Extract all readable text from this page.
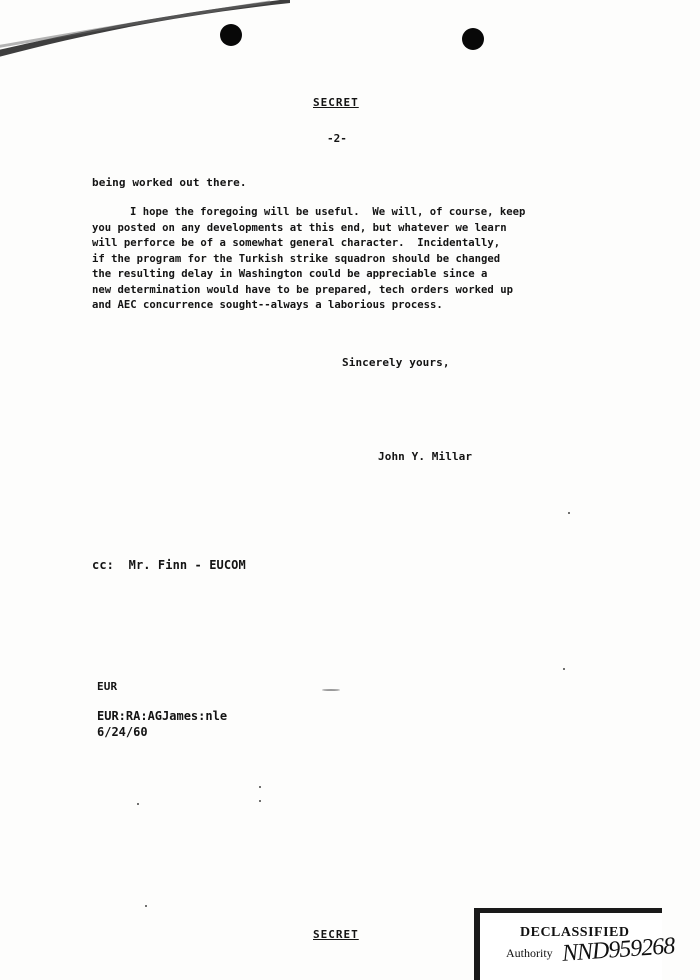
SECRET
-2-
being worked out there.
I hope the foregoing will be useful.  We will, of course, keep
you posted on any developments at this end, but whatever we learn
will perforce be of a somewhat general character.  Incidentally,
if the program for the Turkish strike squadron should be changed
the resulting delay in Washington could be appreciable since a
new determination would have to be prepared, tech orders worked up
and AEC concurrence sought--always a laborious process.
Sincerely yours,
John Y. Millar
cc:  Mr. Finn - EUCOM
EUR
EUR:RA:AGJames:nle
6/24/60
SECRET	DECLASSIFIED
Authority NND959268
